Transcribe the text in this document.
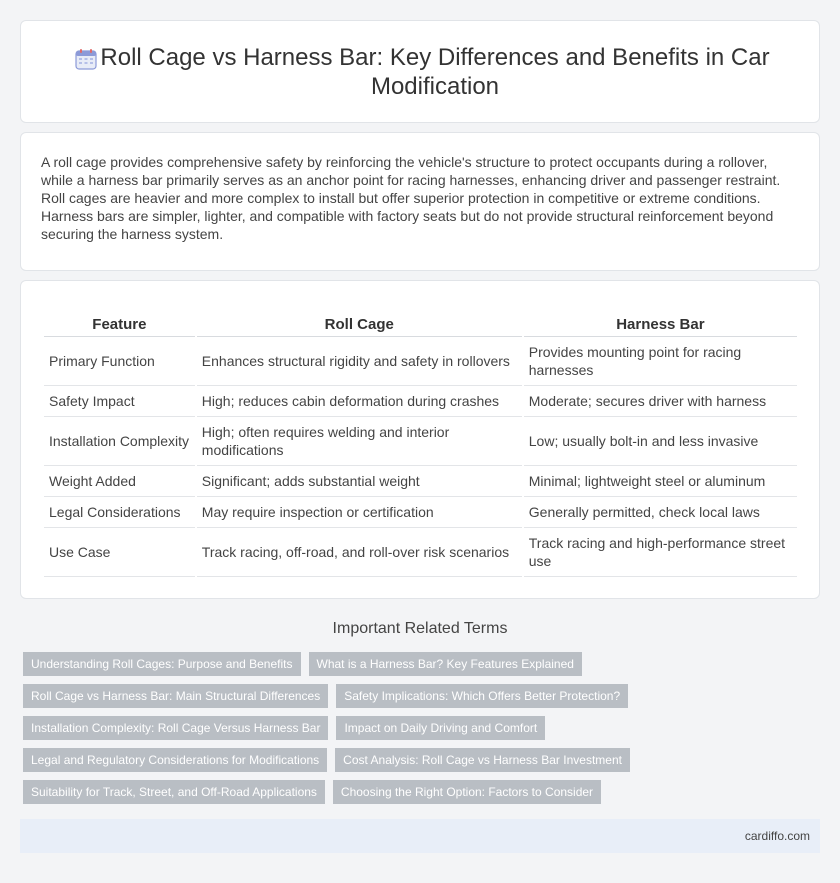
Roll Cage vs Harness Bar: Key Differences and Benefits in Car Modification

A roll cage provides comprehensive safety by reinforcing the vehicle's structure to protect occupants during a rollover, while a harness bar primarily serves as an anchor point for racing harnesses, enhancing driver and passenger restraint. Roll cages are heavier and more complex to install but offer superior protection in competitive or extreme conditions. Harness bars are simpler, lighter, and compatible with factory seats but do not provide structural reinforcement beyond securing the harness system.

Feature	Roll Cage	Harness Bar
Primary Function	Enhances structural rigidity and safety in rollovers	Provides mounting point for racing harnesses
Safety Impact	High; reduces cabin deformation during crashes	Moderate; secures driver with harness
Installation Complexity	High; often requires welding and interior modifications	Low; usually bolt-in and less invasive
Weight Added	Significant; adds substantial weight	Minimal; lightweight steel or aluminum
Legal Considerations	May require inspection or certification	Generally permitted, check local laws
Use Case	Track racing, off-road, and roll-over risk scenarios	Track racing and high-performance street use
Important Related Terms
Understanding Roll Cages: Purpose and Benefits	What is a Harness Bar? Key Features Explained
Roll Cage vs Harness Bar: Main Structural Differences	Safety Implications: Which Offers Better Protection?
Installation Complexity: Roll Cage Versus Harness Bar	Impact on Daily Driving and Comfort
Legal and Regulatory Considerations for Modifications	Cost Analysis: Roll Cage vs Harness Bar Investment
Suitability for Track, Street, and Off-Road Applications	Choosing the Right Option: Factors to Consider
cardiffo.com
